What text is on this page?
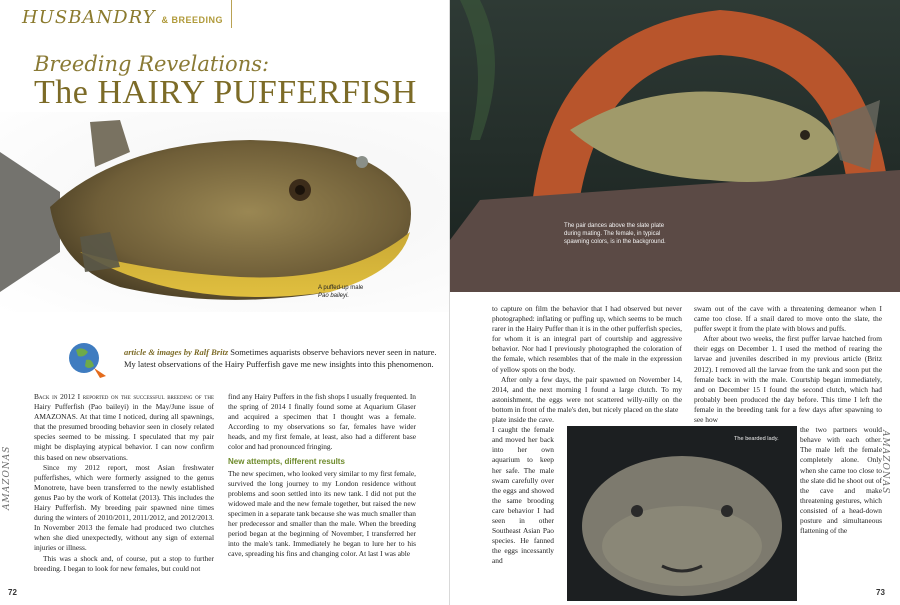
HUSBANDRY & BREEDING
Breeding Revelations:
The HAIRY PUFFERFISH
A puffed-up male
Pao baileyi.
article & images by Ralf Britz Sometimes aquarists observe behaviors never seen in nature. My latest observations of the Hairy Pufferfish gave me new insights into this phenomenon.

Back in 2012 I reported on the successful breeding of the Hairy Pufferfish (Pao baileyi) in the May/June issue of AMAZONAS. At that time I noticed, during all spawnings, that the presumed brooding behavior seen in closely related species seemed to be missing. I speculated that my pair might be displaying atypical behavior. I can now confirm this based on new observations.

Since my 2012 report, most Asian freshwater pufferfishes, which were formerly assigned to the genus Monotrete, have been transferred to the newly established genus Pao by the work of Kottelat (2013). This includes the Hairy Pufferfish. My breeding pair spawned nine times during the winters of 2010/2011, 2011/2012, and 2012/2013. In November 2013 the female had produced two clutches when she died unexpectedly, without any sign of external injuries or illness.

This was a shock and, of course, put a stop to further breeding. I began to look for new females, but could not

find any Hairy Puffers in the fish shops I usually frequented. In the spring of 2014 I finally found some at Aquarium Glaser and acquired a specimen that I thought was a female. According to my observations so far, females have wider heads, and my first female, at least, also had a different base color and had pronounced fringing.

New attempts, different results

The new specimen, who looked very similar to my first female, survived the long journey to my London residence without problems and soon settled into its new tank. I did not put the widowed male and the new female together, but raised the new specimen in a separate tank because she was much smaller than her predecessor and smaller than the male. When the breeding period began at the beginning of November, I transferred her into the male's tank. Immediately he began to lure her to his cave, spreading his fins and changing color. At last I was able

AMAZONAS
72
The pair dances above the slate plate
during mating. The female, in typical
spawning colors, is in the background.

to capture on film the behavior that I had observed but never photographed: inflating or puffing up, which seems to be much rarer in the Hairy Puffer than it is in the other pufferfish species, for whom it is an integral part of courtship and aggressive behavior. Nor had I previously photographed the coloration of the female, which resembles that of the male in the expression of yellow spots on the body.

After only a few days, the pair spawned on November 14, 2014, and the next morning I found a large clutch. To my astonishment, the eggs were not scattered willy-nilly on the bottom in front of the male's den, but nicely placed on the slate

plate inside the cave. I caught the female and moved her back into her own aquarium to keep her safe. The male swam carefully over the eggs and showed the same brooding care behavior I had seen in other Southeast Asian Pao species. He fanned the eggs incessantly and

swam out of the cave with a threatening demeanor when I came too close. If a snail dared to move onto the slate, the puffer swept it from the plate with blows and puffs.

After about two weeks, the first puffer larvae hatched from their eggs on December 1. I used the method of rearing the larvae and juveniles described in my previous article (Britz 2012). I removed all the larvae from the tank and soon put the female back in with the male. Courtship began immediately, and on December 15 I found the second clutch, which had probably been produced the day before. This time I left the female in the breeding tank for a few days after spawning to see how

the two partners would behave with each other. The male left the female completely alone. Only when she came too close to the slate did he shoot out of the cave and make threatening gestures, which consisted of a head-down posture and simultaneous flattening of the

The bearded lady.	AMAZONAS
73
